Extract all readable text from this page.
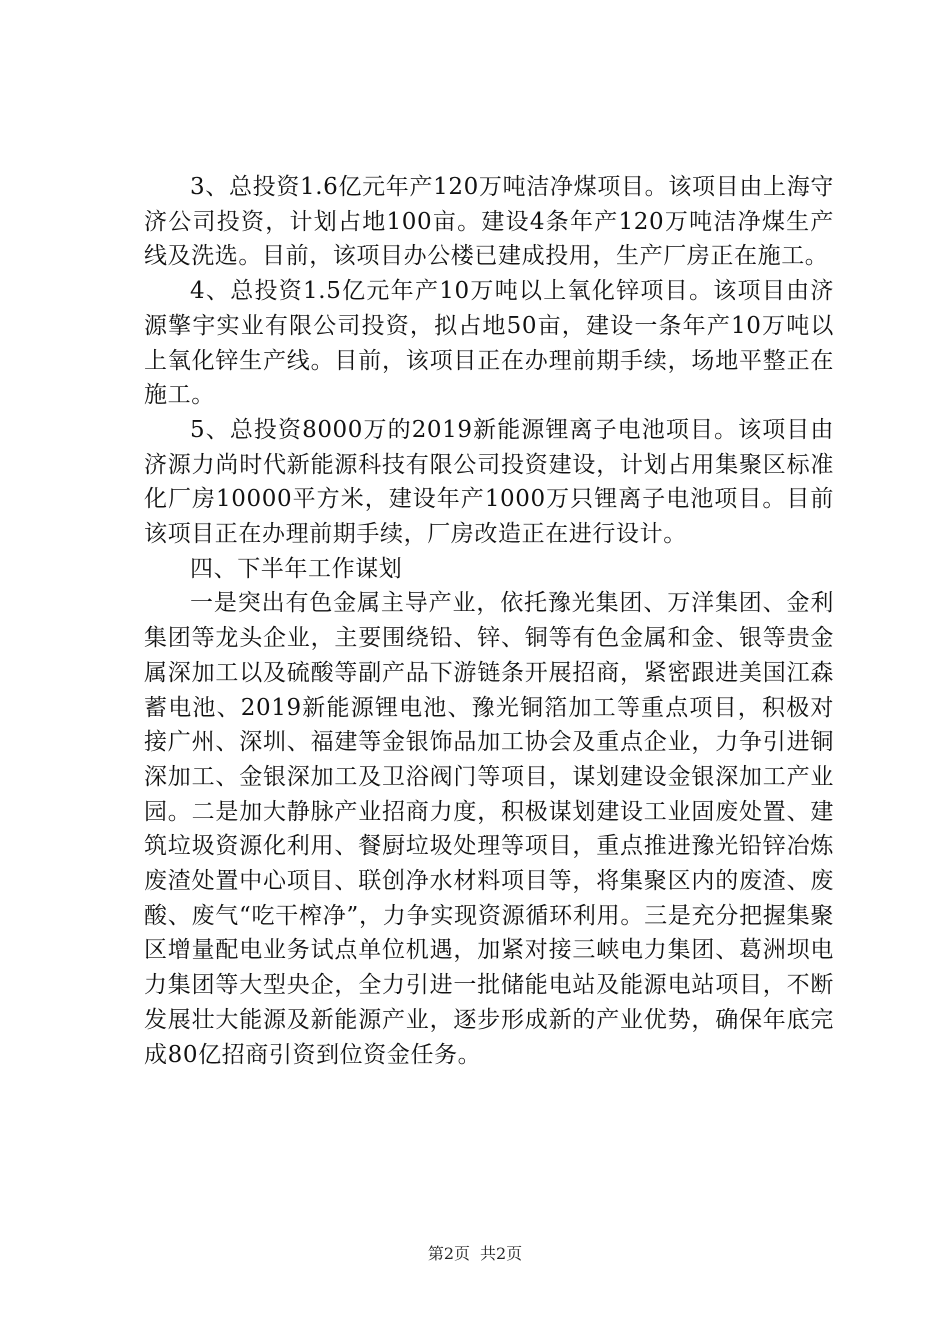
3、总投资1.6亿元年产120万吨洁净煤项目。该项目由上海守济公司投资，计划占地100亩。建设4条年产120万吨洁净煤生产线及洗选。目前，该项目办公楼已建成投用，生产厂房正在施工。

4、总投资1.5亿元年产10万吨以上氧化锌项目。该项目由济源擎宇实业有限公司投资，拟占地50亩，建设一条年产10万吨以上氧化锌生产线。目前，该项目正在办理前期手续，场地平整正在施工。

5、总投资8000万的2019新能源锂离子电池项目。该项目由济源力尚时代新能源科技有限公司投资建设，计划占用集聚区标准化厂房10000平方米，建设年产1000万只锂离子电池项目。目前该项目正在办理前期手续，厂房改造正在进行设计。

四、下半年工作谋划

一是突出有色金属主导产业，依托豫光集团、万洋集团、金利集团等龙头企业，主要围绕铅、锌、铜等有色金属和金、银等贵金属深加工以及硫酸等副产品下游链条开展招商，紧密跟进美国江森蓄电池、2019新能源锂电池、豫光铜箔加工等重点项目，积极对接广州、深圳、福建等金银饰品加工协会及重点企业，力争引进铜深加工、金银深加工及卫浴阀门等项目，谋划建设金银深加工产业园。二是加大静脉产业招商力度，积极谋划建设工业固废处置、建筑垃圾资源化利用、餐厨垃圾处理等项目，重点推进豫光铅锌冶炼废渣处置中心项目、联创净水材料项目等，将集聚区内的废渣、废酸、废气“吃干榨净”，力争实现资源循环利用。三是充分把握集聚区增量配电业务试点单位机遇，加紧对接三峡电力集团、葛洲坝电力集团等大型央企，全力引进一批储能电站及能源电站项目，不断发展壮大能源及新能源产业，逐步形成新的产业优势，确保年底完成80亿招商引资到位资金任务。

第2页 共2页
